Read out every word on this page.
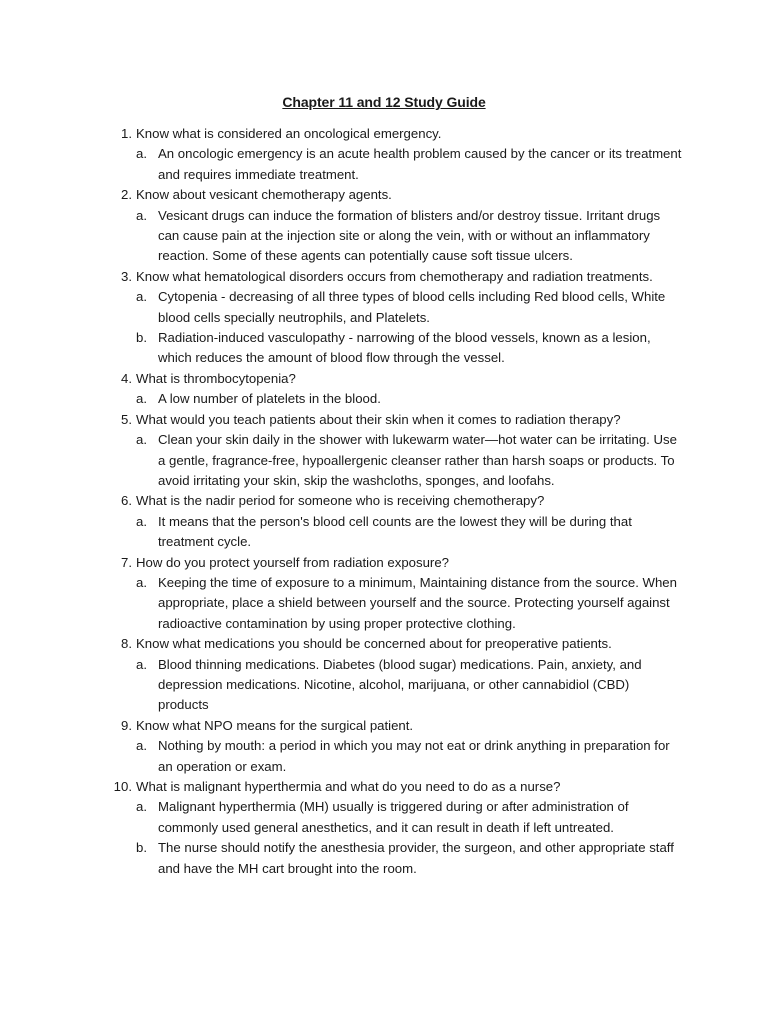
Chapter 11 and 12 Study Guide
1. Know what is considered an oncological emergency.
a. An oncologic emergency is an acute health problem caused by the cancer or its treatment and requires immediate treatment.
2. Know about vesicant chemotherapy agents.
a. Vesicant drugs can induce the formation of blisters and/or destroy tissue. Irritant drugs can cause pain at the injection site or along the vein, with or without an inflammatory reaction. Some of these agents can potentially cause soft tissue ulcers.
3. Know what hematological disorders occurs from chemotherapy and radiation treatments.
a. Cytopenia - decreasing of all three types of blood cells including Red blood cells, White blood cells specially neutrophils, and Platelets.
b. Radiation-induced vasculopathy - narrowing of the blood vessels, known as a lesion, which reduces the amount of blood flow through the vessel.
4. What is thrombocytopenia?
a. A low number of platelets in the blood.
5. What would you teach patients about their skin when it comes to radiation therapy?
a. Clean your skin daily in the shower with lukewarm water—hot water can be irritating. Use a gentle, fragrance-free, hypoallergenic cleanser rather than harsh soaps or products. To avoid irritating your skin, skip the washcloths, sponges, and loofahs.
6. What is the nadir period for someone who is receiving chemotherapy?
a. It means that the person's blood cell counts are the lowest they will be during that treatment cycle.
7. How do you protect yourself from radiation exposure?
a. Keeping the time of exposure to a minimum, Maintaining distance from the source. When appropriate, place a shield between yourself and the source. Protecting yourself against radioactive contamination by using proper protective clothing.
8. Know what medications you should be concerned about for preoperative patients.
a. Blood thinning medications. Diabetes (blood sugar) medications. Pain, anxiety, and depression medications. Nicotine, alcohol, marijuana, or other cannabidiol (CBD) products
9. Know what NPO means for the surgical patient.
a. Nothing by mouth: a period in which you may not eat or drink anything in preparation for an operation or exam.
10. What is malignant hyperthermia and what do you need to do as a nurse?
a. Malignant hyperthermia (MH) usually is triggered during or after administration of commonly used general anesthetics, and it can result in death if left untreated.
b. The nurse should notify the anesthesia provider, the surgeon, and other appropriate staff and have the MH cart brought into the room.
